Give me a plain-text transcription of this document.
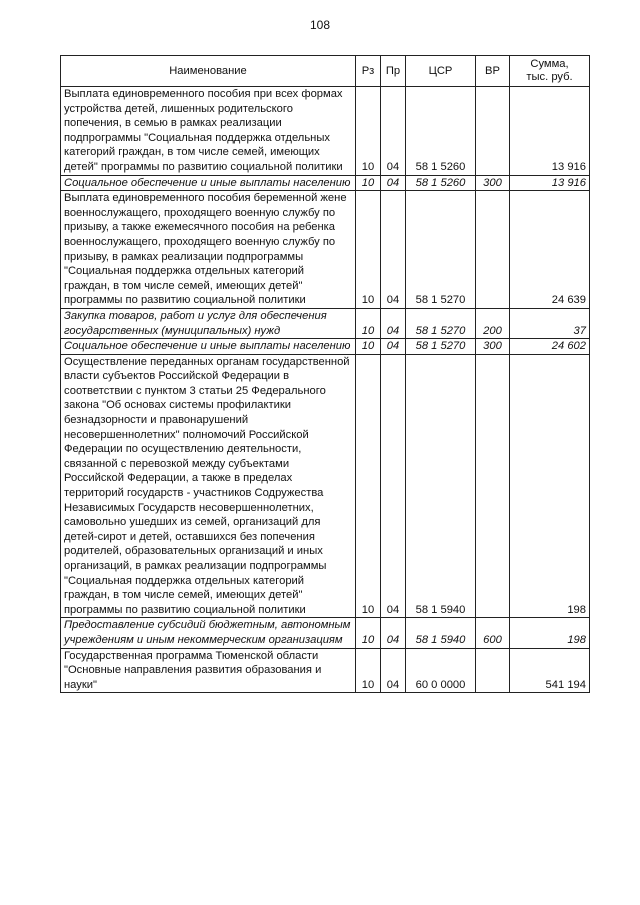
108
Наименование	Рз	Пр	ЦСР	ВР	Сумма,
тыс. руб.
Выплата единовременного пособия при всех формах устройства детей, лишенных родительского попечения, в семью в рамках реализации подпрограммы "Социальная поддержка отдельных категорий граждан, в том числе семей, имеющих детей" программы по развитию социальной политики	10	04	58 1 5260		13 916
Социальное обеспечение и иные выплаты населению	10	04	58 1 5260	300	13 916
Выплата единовременного пособия беременной жене военнослужащего, проходящего военную службу по призыву, а также ежемесячного пособия на ребенка военнослужащего, проходящего военную службу по призыву, в рамках реализации подпрограммы "Социальная поддержка отдельных категорий граждан, в том числе семей, имеющих детей" программы по развитию социальной политики	10	04	58 1 5270		24 639
Закупка товаров, работ и услуг для обеспечения государственных (муниципальных) нужд	10	04	58 1 5270	200	37
Социальное обеспечение и иные выплаты населению	10	04	58 1 5270	300	24 602
Осуществление переданных органам государственной власти субъектов Российской Федерации в соответствии с пунктом 3 статьи 25 Федерального закона "Об основах системы профилактики безнадзорности и правонарушений несовершеннолетних" полномочий Российской Федерации по осуществлению деятельности, связанной с перевозкой между субъектами Российской Федерации, а также в пределах территорий государств - участников Содружества Независимых Государств несовершеннолетних, самовольно ушедших из семей, организаций для детей-сирот и детей, оставшихся без попечения родителей, образовательных организаций и иных организаций, в рамках реализации подпрограммы "Социальная поддержка отдельных категорий граждан, в том числе семей, имеющих детей" программы по развитию социальной политики	10	04	58 1 5940		198
Предоставление субсидий бюджетным, автономным учреждениям и иным некоммерческим организациям	10	04	58 1 5940	600	198
Государственная программа Тюменской области "Основные направления развития образования и науки"	10	04	60 0 0000		541 194
